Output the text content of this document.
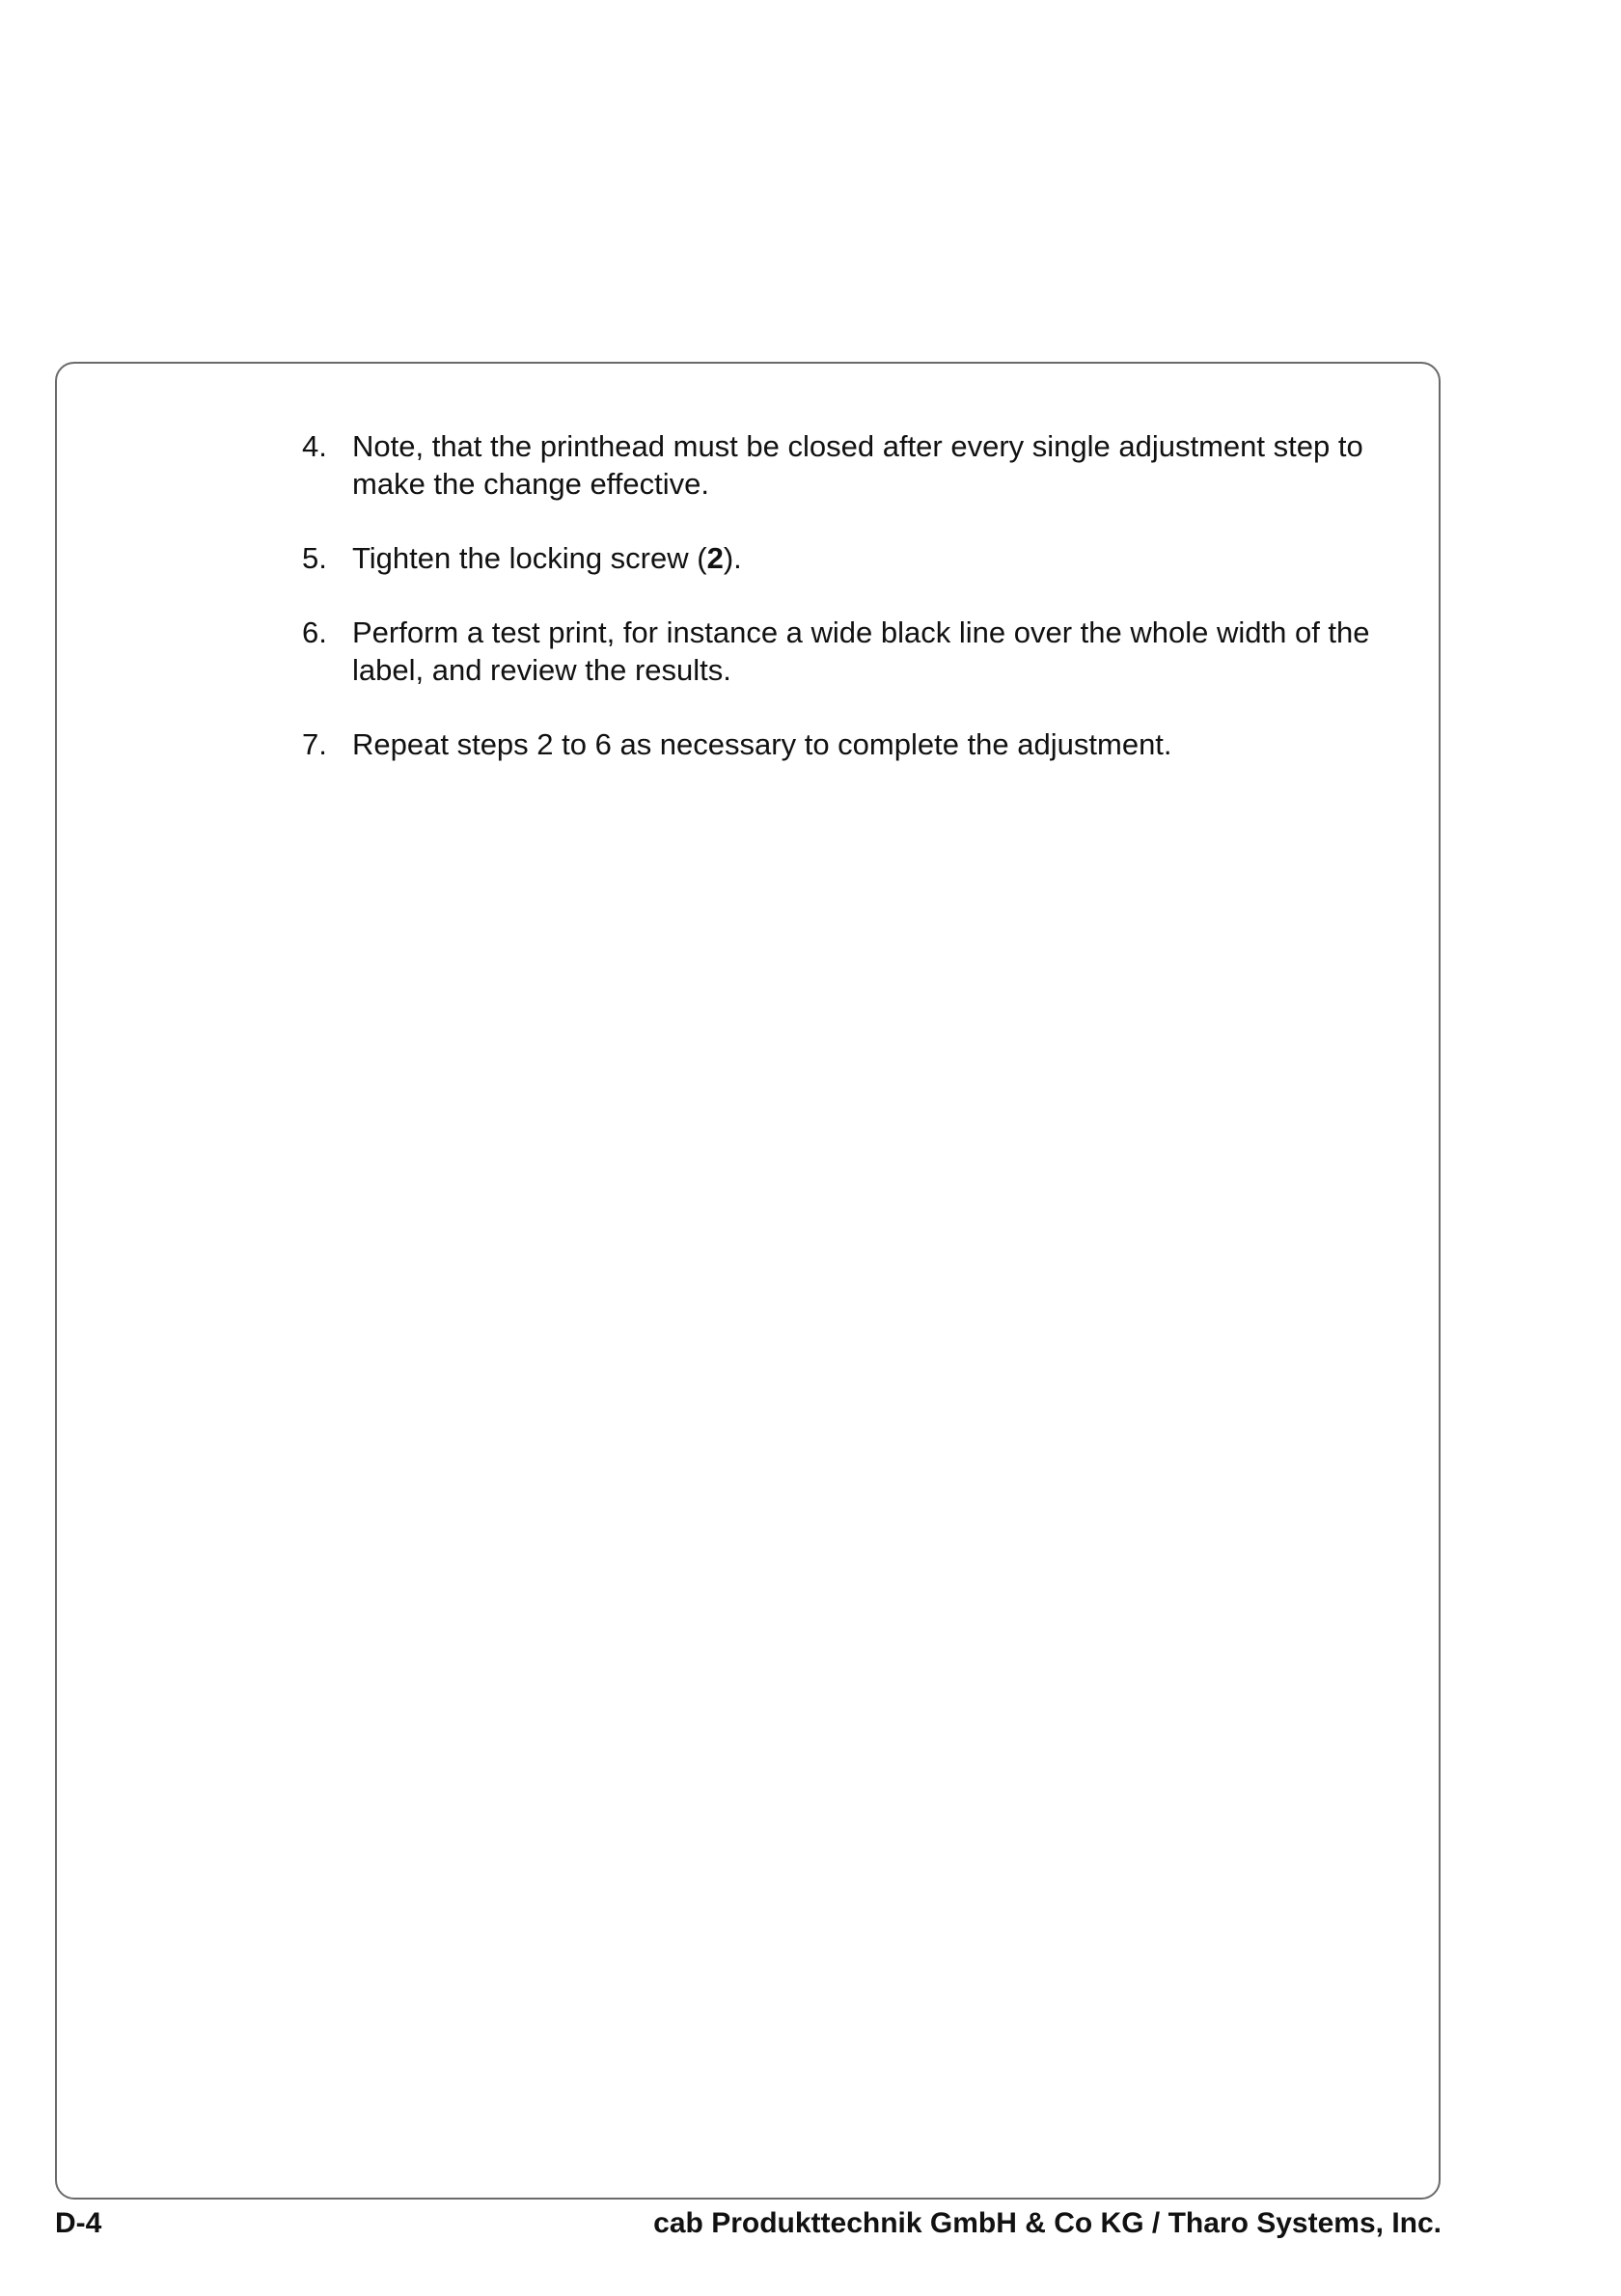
4. Note, that the printhead must be closed after every single adjustment step to make the change effective.
5. Tighten the locking screw (2).
6. Perform a test print, for instance a wide black line over the whole width of the label, and review the results.
7. Repeat steps 2 to 6 as necessary to complete the adjustment.
D-4	cab Produkttechnik GmbH & Co KG / Tharo Systems, Inc.
